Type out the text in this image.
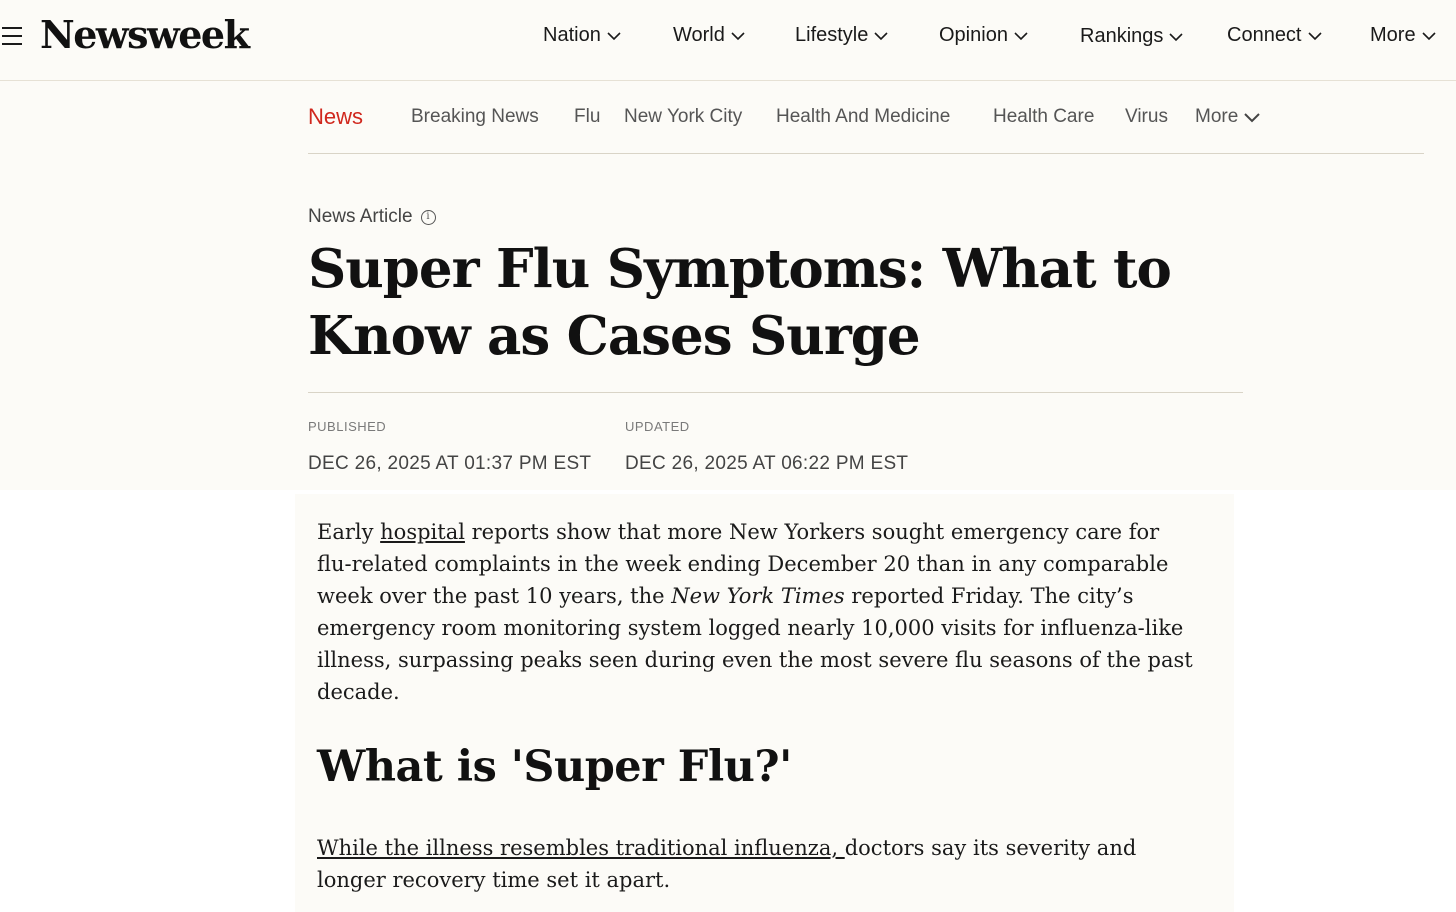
Newsweek	Nation	World	Lifestyle	Opinion	Rankings	Connect	More
News	Breaking News Flu New York City Health And Medicine Health Care Virus More
News Article	i
Super Flu Symptoms: What to Know as Cases Surge
PUBLISHED
DEC 26, 2025 AT 01:37 PM EST
UPDATED
DEC 26, 2025 AT 06:22 PM EST

Early hospital reports show that more New Yorkers sought emergency care for flu-related complaints in the week ending December 20 than in any comparable week over the past 10 years, the New York Times reported Friday. The city’s emergency room monitoring system logged nearly 10,000 visits for influenza-like illness, surpassing peaks seen during even the most severe flu seasons of the past decade.

What is 'Super Flu?'

While the illness resembles traditional influenza, doctors say its severity and longer recovery time set it apart.
